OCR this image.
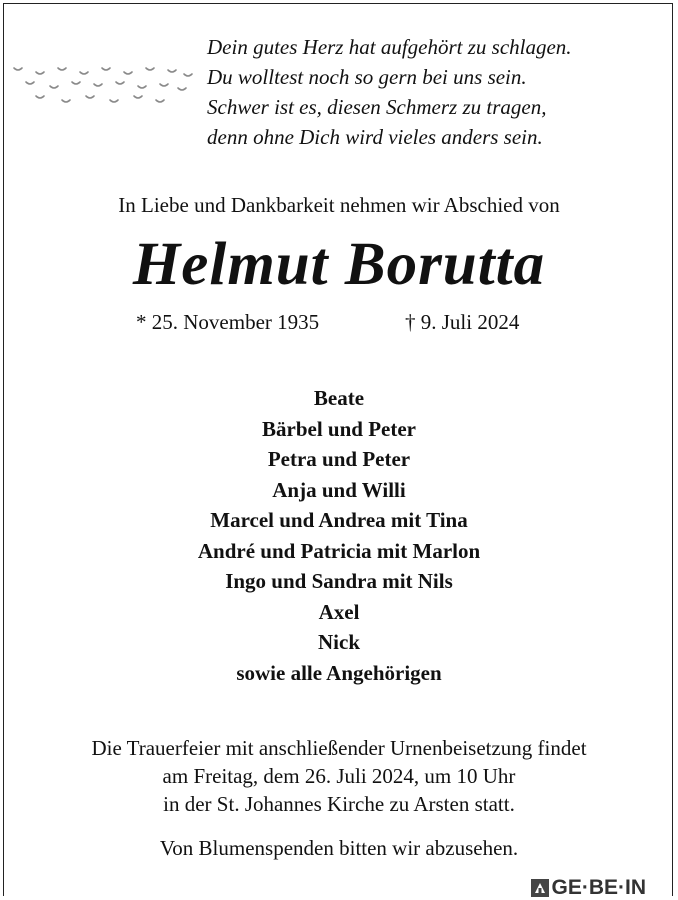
Dein gutes Herz hat aufgehört zu schlagen.
Du wolltest noch so gern bei uns sein.
Schwer ist es, diesen Schmerz zu tragen,
denn ohne Dich wird vieles anders sein.
In Liebe und Dankbarkeit nehmen wir Abschied von
Helmut Borutta
* 25. November 1935	† 9. Juli 2024
Beate
Bärbel und Peter
Petra und Peter
Anja und Willi
Marcel und Andrea mit Tina
André und Patricia mit Marlon
Ingo und Sandra mit Nils
Axel
Nick
sowie alle Angehörigen
Die Trauerfeier mit anschließender Urnenbeisetzung findet
am Freitag, dem 26. Juli 2024, um 10 Uhr
in der St. Johannes Kirche zu Arsten statt.
Von Blumenspenden bitten wir abzusehen.
GE·BE·IN
